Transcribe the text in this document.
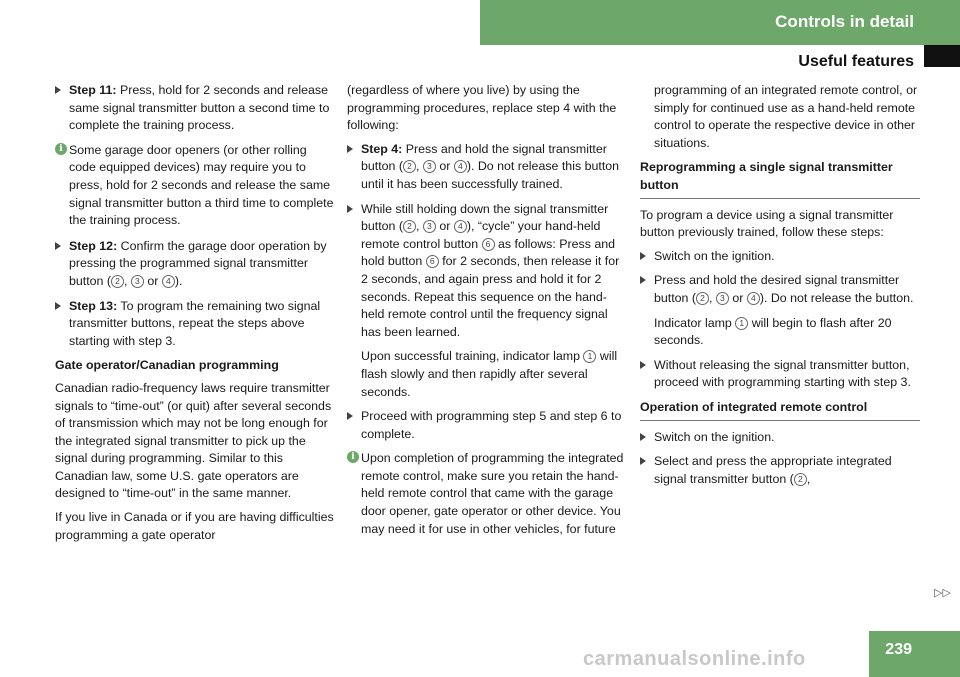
Controls in detail
Useful features
Step 11: Press, hold for 2 seconds and release same signal transmitter button a second time to complete the training process.
i Some garage door openers (or other rolling code equipped devices) may require you to press, hold for 2 seconds and release the same signal transmitter button a third time to complete the training process.
Step 12: Confirm the garage door operation by pressing the programmed signal transmitter button ( 2 , 3 or 4 ).
Step 13: To program the remaining two signal transmitter buttons, repeat the steps above starting with step 3.
Gate operator/Canadian programming
Canadian radio-frequency laws require transmitter signals to “time-out” (or quit) after several seconds of transmission which may not be long enough for the integrated signal transmitter to pick up the signal during programming. Similar to this Canadian law, some U.S. gate operators are designed to “time-out” in the same manner.
If you live in Canada or if you are having difficulties programming a gate operator
(regardless of where you live) by using the programming procedures, replace step 4 with the following:
Step 4: Press and hold the signal transmitter button ( 2 , 3 or 4 ). Do not release this button until it has been successfully trained.
While still holding down the signal transmitter button ( 2 , 3 or 4 ), “cycle” your hand-held remote control button 6 as follows: Press and hold button 6 for 2 seconds, then release it for 2 seconds, and again press and hold it for 2 seconds. Repeat this sequence on the hand-held remote control until the frequency signal has been learned.
Upon successful training, indicator lamp 1 will flash slowly and then rapidly after several seconds.
Proceed with programming step 5 and step 6 to complete.
i Upon completion of programming the integrated remote control, make sure you retain the hand-held remote control that came with the garage door opener, gate operator or other device. You may need it for use in other vehicles, for future
programming of an integrated remote control, or simply for continued use as a hand-held remote control to operate the respective device in other situations.
Reprogramming a single signal transmitter button
To program a device using a signal transmitter button previously trained, follow these steps:
Switch on the ignition.
Press and hold the desired signal transmitter button ( 2 , 3 or 4 ). Do not release the button.
Indicator lamp 1 will begin to flash after 20 seconds.
Without releasing the signal transmitter button, proceed with programming starting with step 3.
Operation of integrated remote control
Switch on the ignition.
Select and press the appropriate integrated signal transmitter button ( 2 ,
▷▷
239
carmanualsonline.info
